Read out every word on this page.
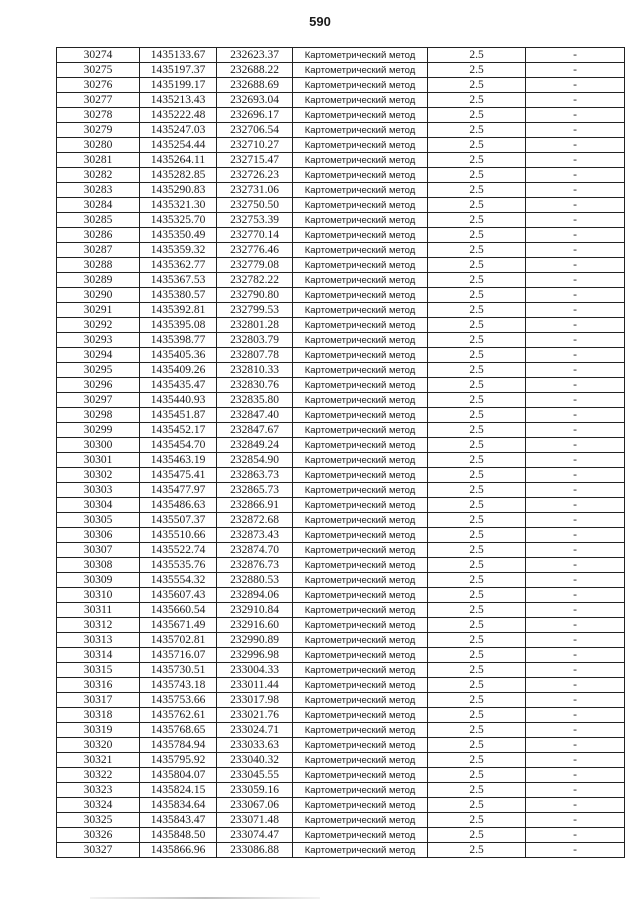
590
30274	1435133.67	232623.37	Картометрический метод	2.5	-
30275	1435197.37	232688.22	Картометрический метод	2.5	-
30276	1435199.17	232688.69	Картометрический метод	2.5	-
30277	1435213.43	232693.04	Картометрический метод	2.5	-
30278	1435222.48	232696.17	Картометрический метод	2.5	-
30279	1435247.03	232706.54	Картометрический метод	2.5	-
30280	1435254.44	232710.27	Картометрический метод	2.5	-
30281	1435264.11	232715.47	Картометрический метод	2.5	-
30282	1435282.85	232726.23	Картометрический метод	2.5	-
30283	1435290.83	232731.06	Картометрический метод	2.5	-
30284	1435321.30	232750.50	Картометрический метод	2.5	-
30285	1435325.70	232753.39	Картометрический метод	2.5	-
30286	1435350.49	232770.14	Картометрический метод	2.5	-
30287	1435359.32	232776.46	Картометрический метод	2.5	-
30288	1435362.77	232779.08	Картометрический метод	2.5	-
30289	1435367.53	232782.22	Картометрический метод	2.5	-
30290	1435380.57	232790.80	Картометрический метод	2.5	-
30291	1435392.81	232799.53	Картометрический метод	2.5	-
30292	1435395.08	232801.28	Картометрический метод	2.5	-
30293	1435398.77	232803.79	Картометрический метод	2.5	-
30294	1435405.36	232807.78	Картометрический метод	2.5	-
30295	1435409.26	232810.33	Картометрический метод	2.5	-
30296	1435435.47	232830.76	Картометрический метод	2.5	-
30297	1435440.93	232835.80	Картометрический метод	2.5	-
30298	1435451.87	232847.40	Картометрический метод	2.5	-
30299	1435452.17	232847.67	Картометрический метод	2.5	-
30300	1435454.70	232849.24	Картометрический метод	2.5	-
30301	1435463.19	232854.90	Картометрический метод	2.5	-
30302	1435475.41	232863.73	Картометрический метод	2.5	-
30303	1435477.97	232865.73	Картометрический метод	2.5	-
30304	1435486.63	232866.91	Картометрический метод	2.5	-
30305	1435507.37	232872.68	Картометрический метод	2.5	-
30306	1435510.66	232873.43	Картометрический метод	2.5	-
30307	1435522.74	232874.70	Картометрический метод	2.5	-
30308	1435535.76	232876.73	Картометрический метод	2.5	-
30309	1435554.32	232880.53	Картометрический метод	2.5	-
30310	1435607.43	232894.06	Картометрический метод	2.5	-
30311	1435660.54	232910.84	Картометрический метод	2.5	-
30312	1435671.49	232916.60	Картометрический метод	2.5	-
30313	1435702.81	232990.89	Картометрический метод	2.5	-
30314	1435716.07	232996.98	Картометрический метод	2.5	-
30315	1435730.51	233004.33	Картометрический метод	2.5	-
30316	1435743.18	233011.44	Картометрический метод	2.5	-
30317	1435753.66	233017.98	Картометрический метод	2.5	-
30318	1435762.61	233021.76	Картометрический метод	2.5	-
30319	1435768.65	233024.71	Картометрический метод	2.5	-
30320	1435784.94	233033.63	Картометрический метод	2.5	-
30321	1435795.92	233040.32	Картометрический метод	2.5	-
30322	1435804.07	233045.55	Картометрический метод	2.5	-
30323	1435824.15	233059.16	Картометрический метод	2.5	-
30324	1435834.64	233067.06	Картометрический метод	2.5	-
30325	1435843.47	233071.48	Картометрический метод	2.5	-
30326	1435848.50	233074.47	Картометрический метод	2.5	-
30327	1435866.96	233086.88	Картометрический метод	2.5	-
